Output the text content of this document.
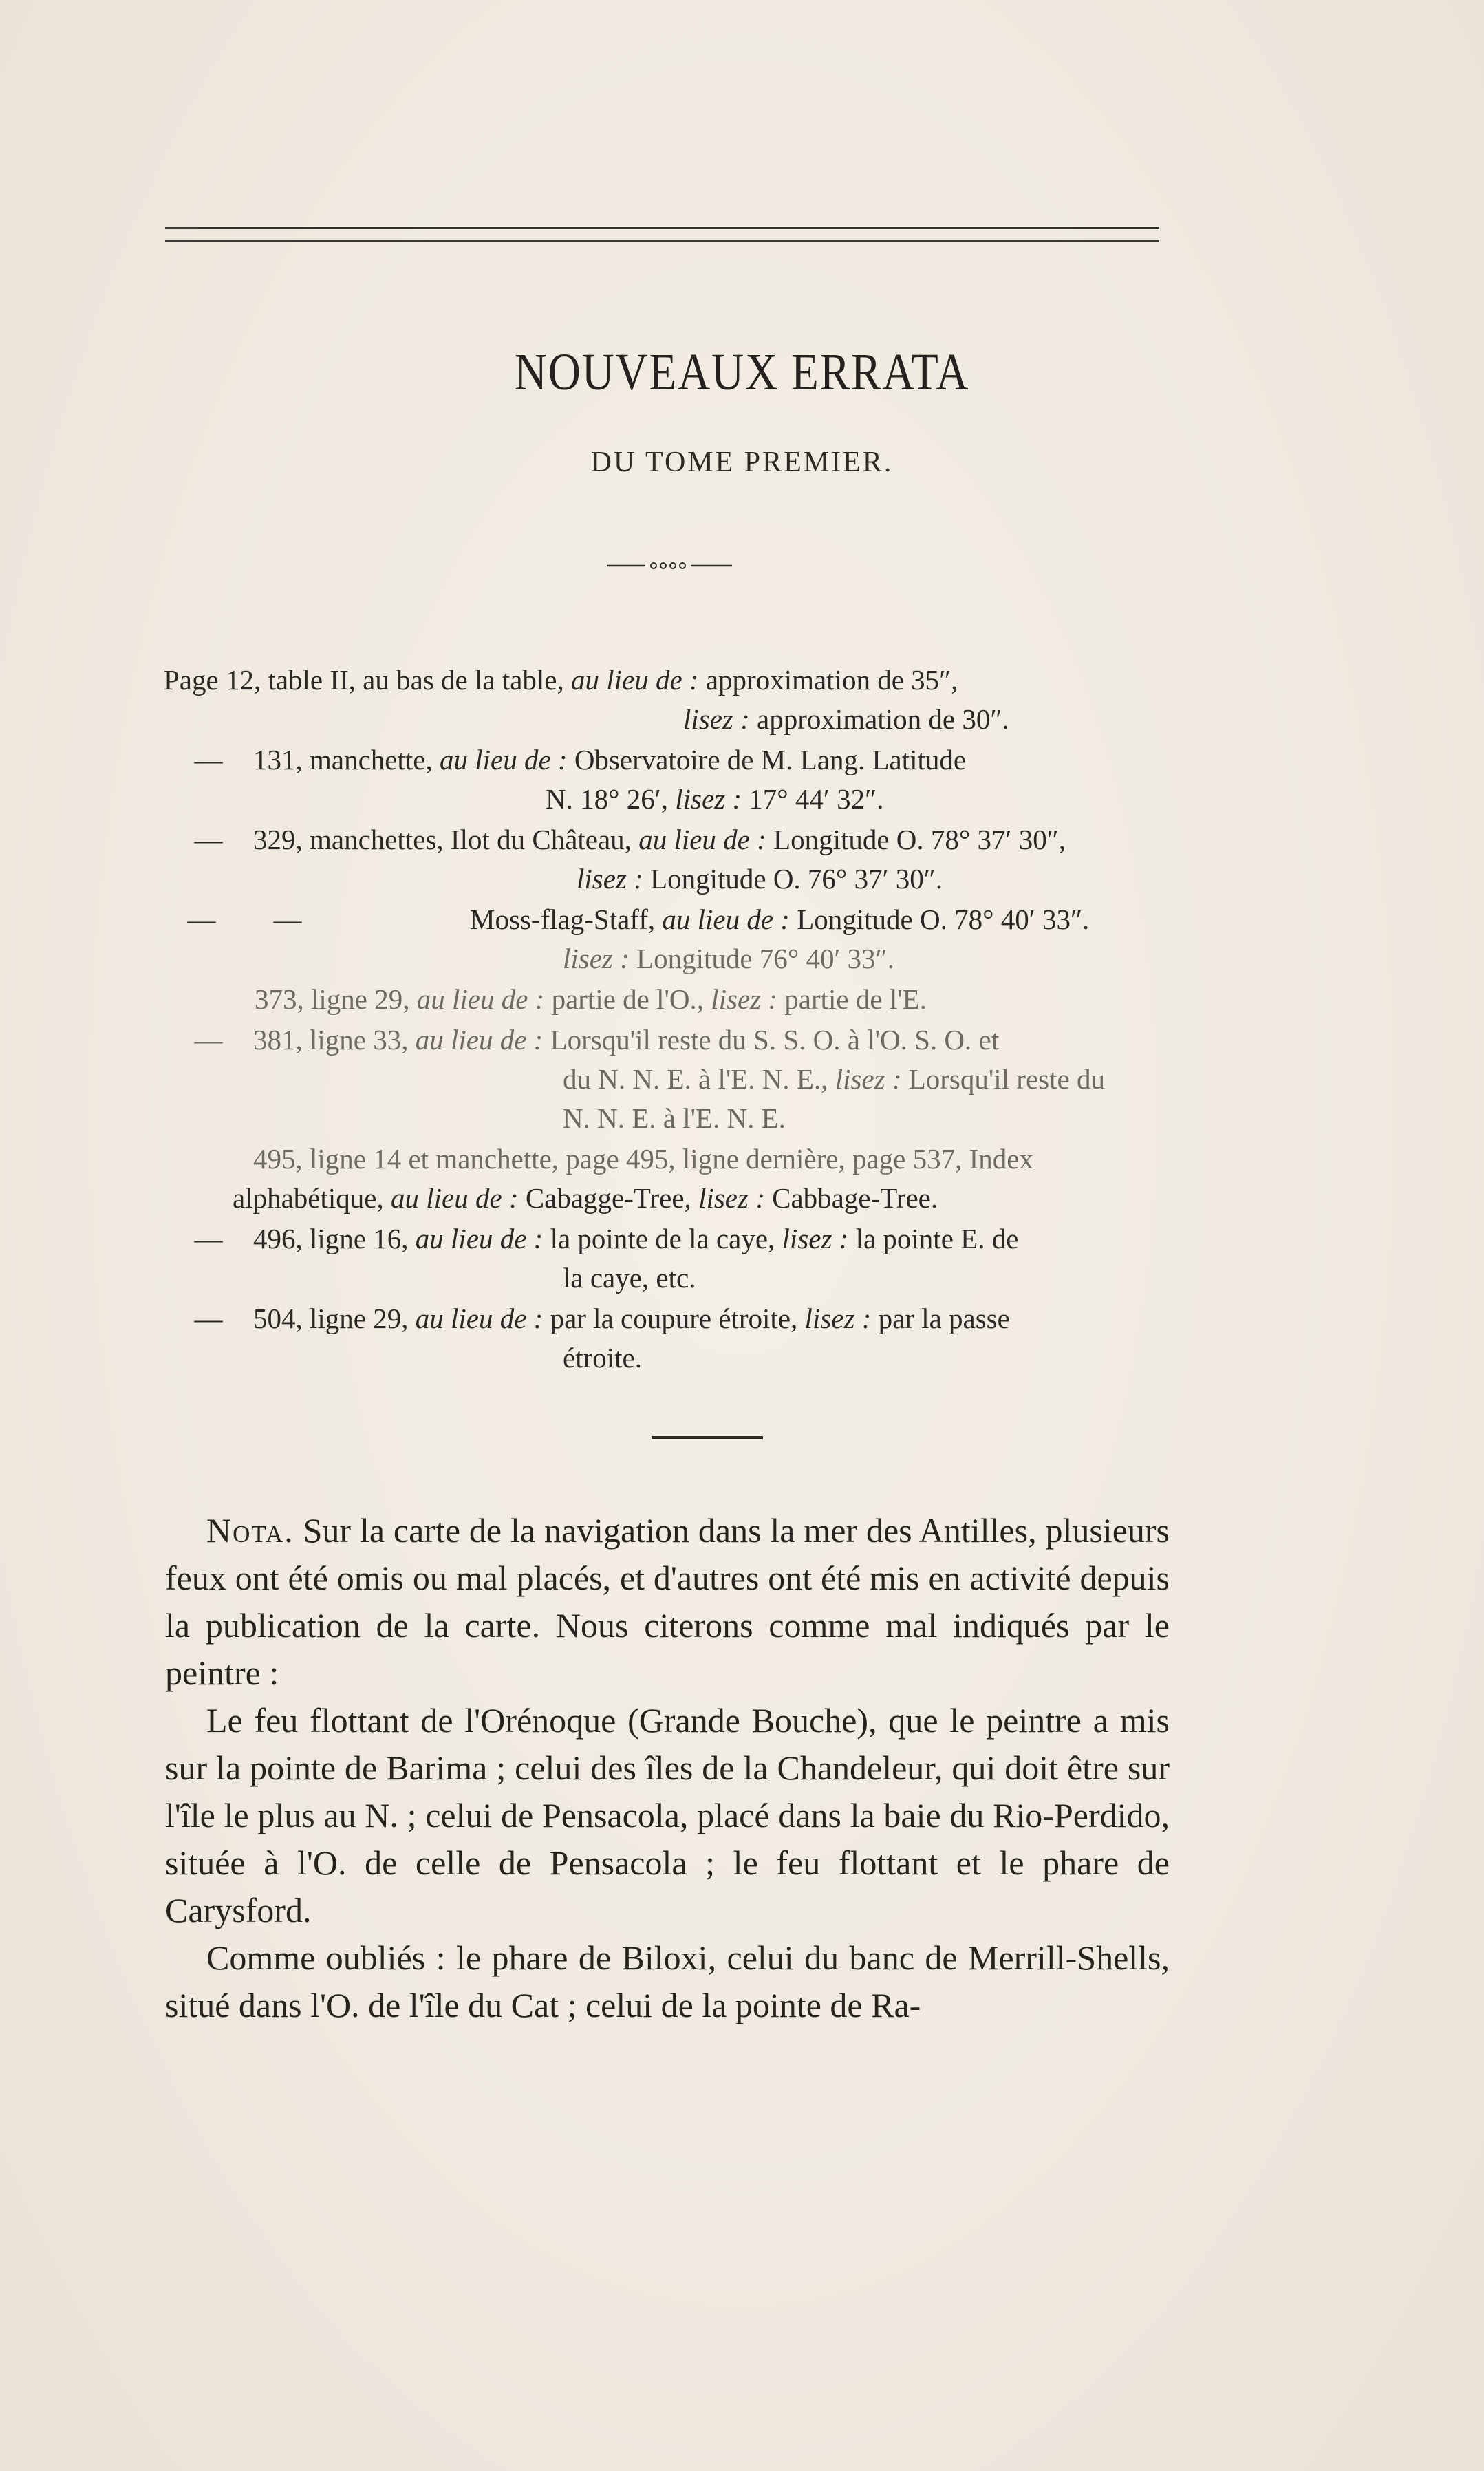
NOUVEAUX ERRATA
DU TOME PREMIER.
Page 12, table II, au bas de la table, au lieu de : approximation de 35″,
lisez : approximation de 30″.
—	131, manchette, au lieu de : Observatoire de M. Lang. Latitude
N. 18° 26′, lisez : 17° 44′ 32″.
—	329, manchettes, Ilot du Château, au lieu de : Longitude O. 78° 37′ 30″,
lisez : Longitude O. 76° 37′ 30″.
—	—	Moss-flag-Staff, au lieu de : Longitude O. 78° 40′ 33″.
lisez : Longitude 76° 40′ 33″.
373, ligne 29, au lieu de : partie de l'O., lisez : partie de l'E.
—	381, ligne 33, au lieu de : Lorsqu'il reste du S. S. O. à l'O. S. O. et
du N. N. E. à l'E. N. E., lisez : Lorsqu'il reste du
N. N. E. à l'E. N. E.
495, ligne 14 et manchette, page 495, ligne dernière, page 537, Index
alphabétique, au lieu de : Cabagge-Tree, lisez : Cabbage-Tree.
—	496, ligne 16, au lieu de : la pointe de la caye, lisez : la pointe E. de
la caye, etc.
—	504, ligne 29, au lieu de : par la coupure étroite, lisez : par la passe
étroite.

Nota. Sur la carte de la navigation dans la mer des Antilles, plusieurs feux ont été omis ou mal placés, et d'autres ont été mis en activité depuis la publication de la carte. Nous citerons comme mal indiqués par le peintre :

Le feu flottant de l'Orénoque (Grande Bouche), que le peintre a mis sur la pointe de Barima ; celui des îles de la Chandeleur, qui doit être sur l'île le plus au N. ; celui de Pensacola, placé dans la baie du Rio-Perdido, située à l'O. de celle de Pensacola ; le feu flottant et le phare de Carysford.

Comme oubliés : le phare de Biloxi, celui du banc de Merrill-Shells, situé dans l'O. de l'île du Cat ; celui de la pointe de Ra-
